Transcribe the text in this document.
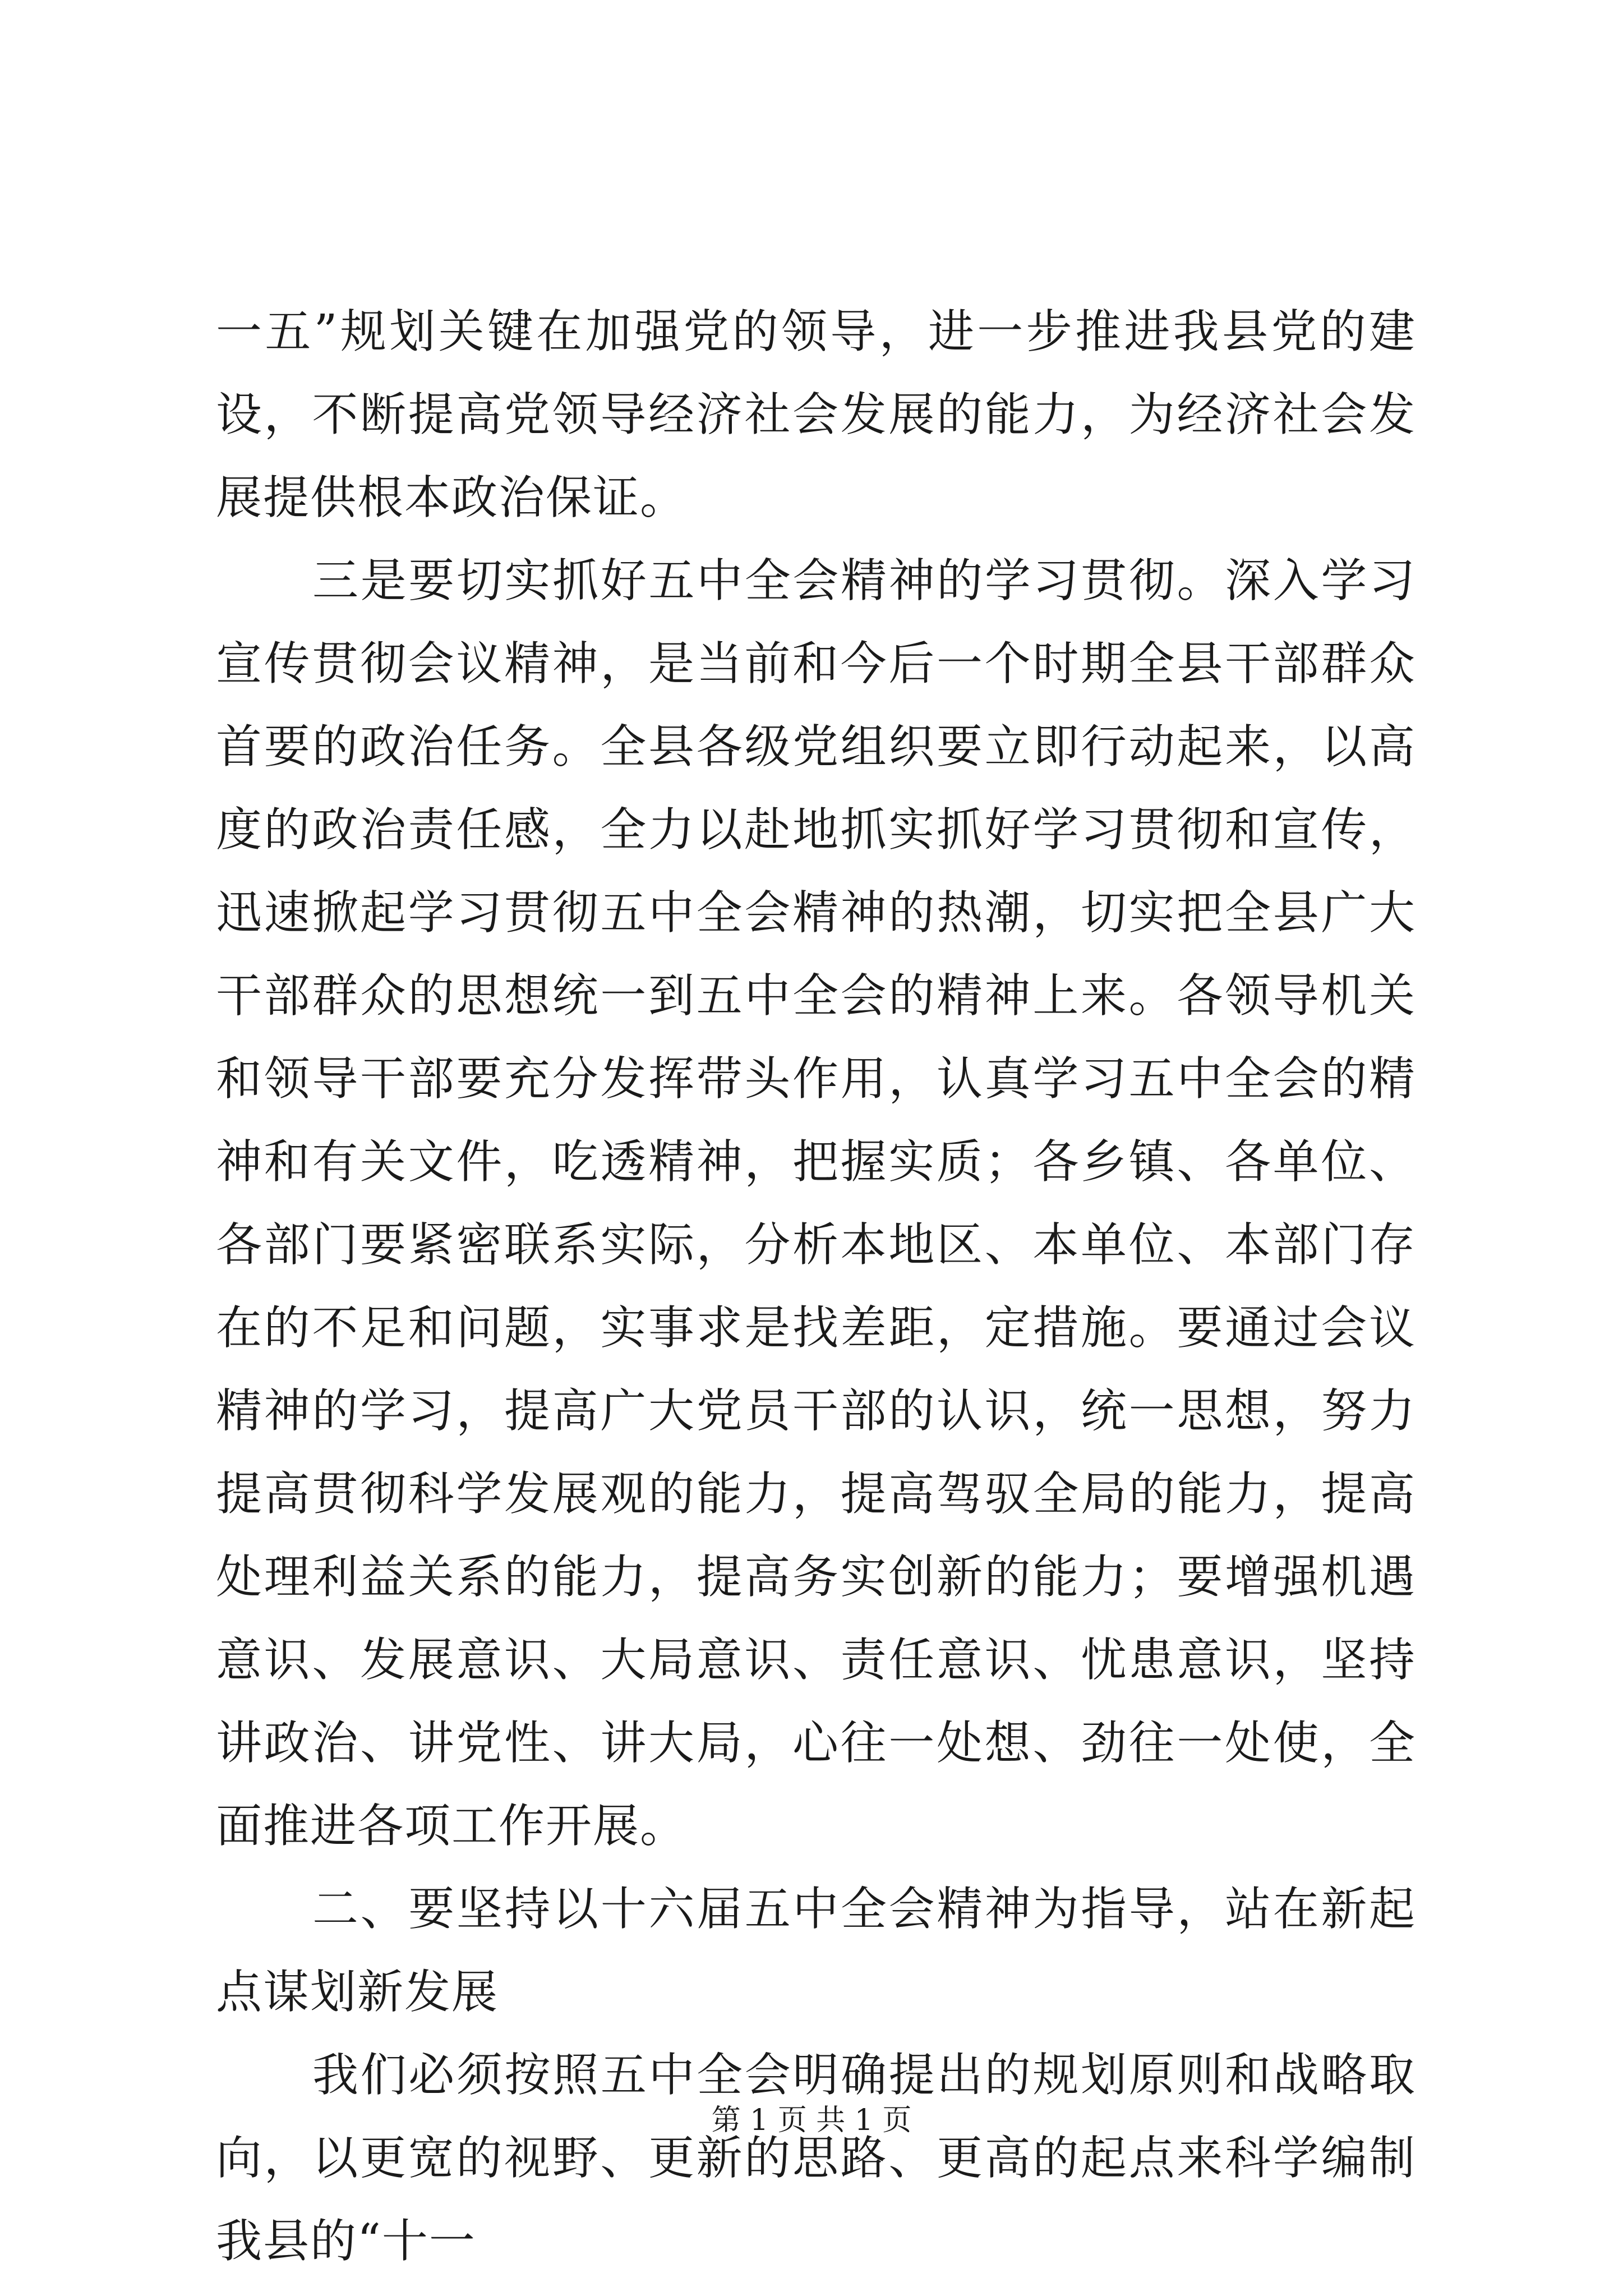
一五”规划关键在加强党的领导，进一步推进我县党的建设，不断提高党领导经济社会发展的能力，为经济社会发展提供根本政治保证。

三是要切实抓好五中全会精神的学习贯彻。深入学习宣传贯彻会议精神，是当前和今后一个时期全县干部群众首要的政治任务。全县各级党组织要立即行动起来，以高度的政治责任感，全力以赴地抓实抓好学习贯彻和宣传，迅速掀起学习贯彻五中全会精神的热潮，切实把全县广大干部群众的思想统一到五中全会的精神上来。各领导机关和领导干部要充分发挥带头作用，认真学习五中全会的精神和有关文件，吃透精神，把握实质；各乡镇、各单位、各部门要紧密联系实际，分析本地区、本单位、本部门存在的不足和问题，实事求是找差距，定措施。要通过会议精神的学习，提高广大党员干部的认识，统一思想，努力提高贯彻科学发展观的能力，提高驾驭全局的能力，提高处理利益关系的能力，提高务实创新的能力；要增强机遇意识、发展意识、大局意识、责任意识、忧患意识，坚持讲政治、讲党性、讲大局，心往一处想、劲往一处使，全面推进各项工作开展。

二、要坚持以十六届五中全会精神为指导，站在新起点谋划新发展

我们必须按照五中全会明确提出的规划原则和战略取向，以更宽的视野、更新的思路、更高的起点来科学编制我县的“十一

第 1 页 共 1 页
